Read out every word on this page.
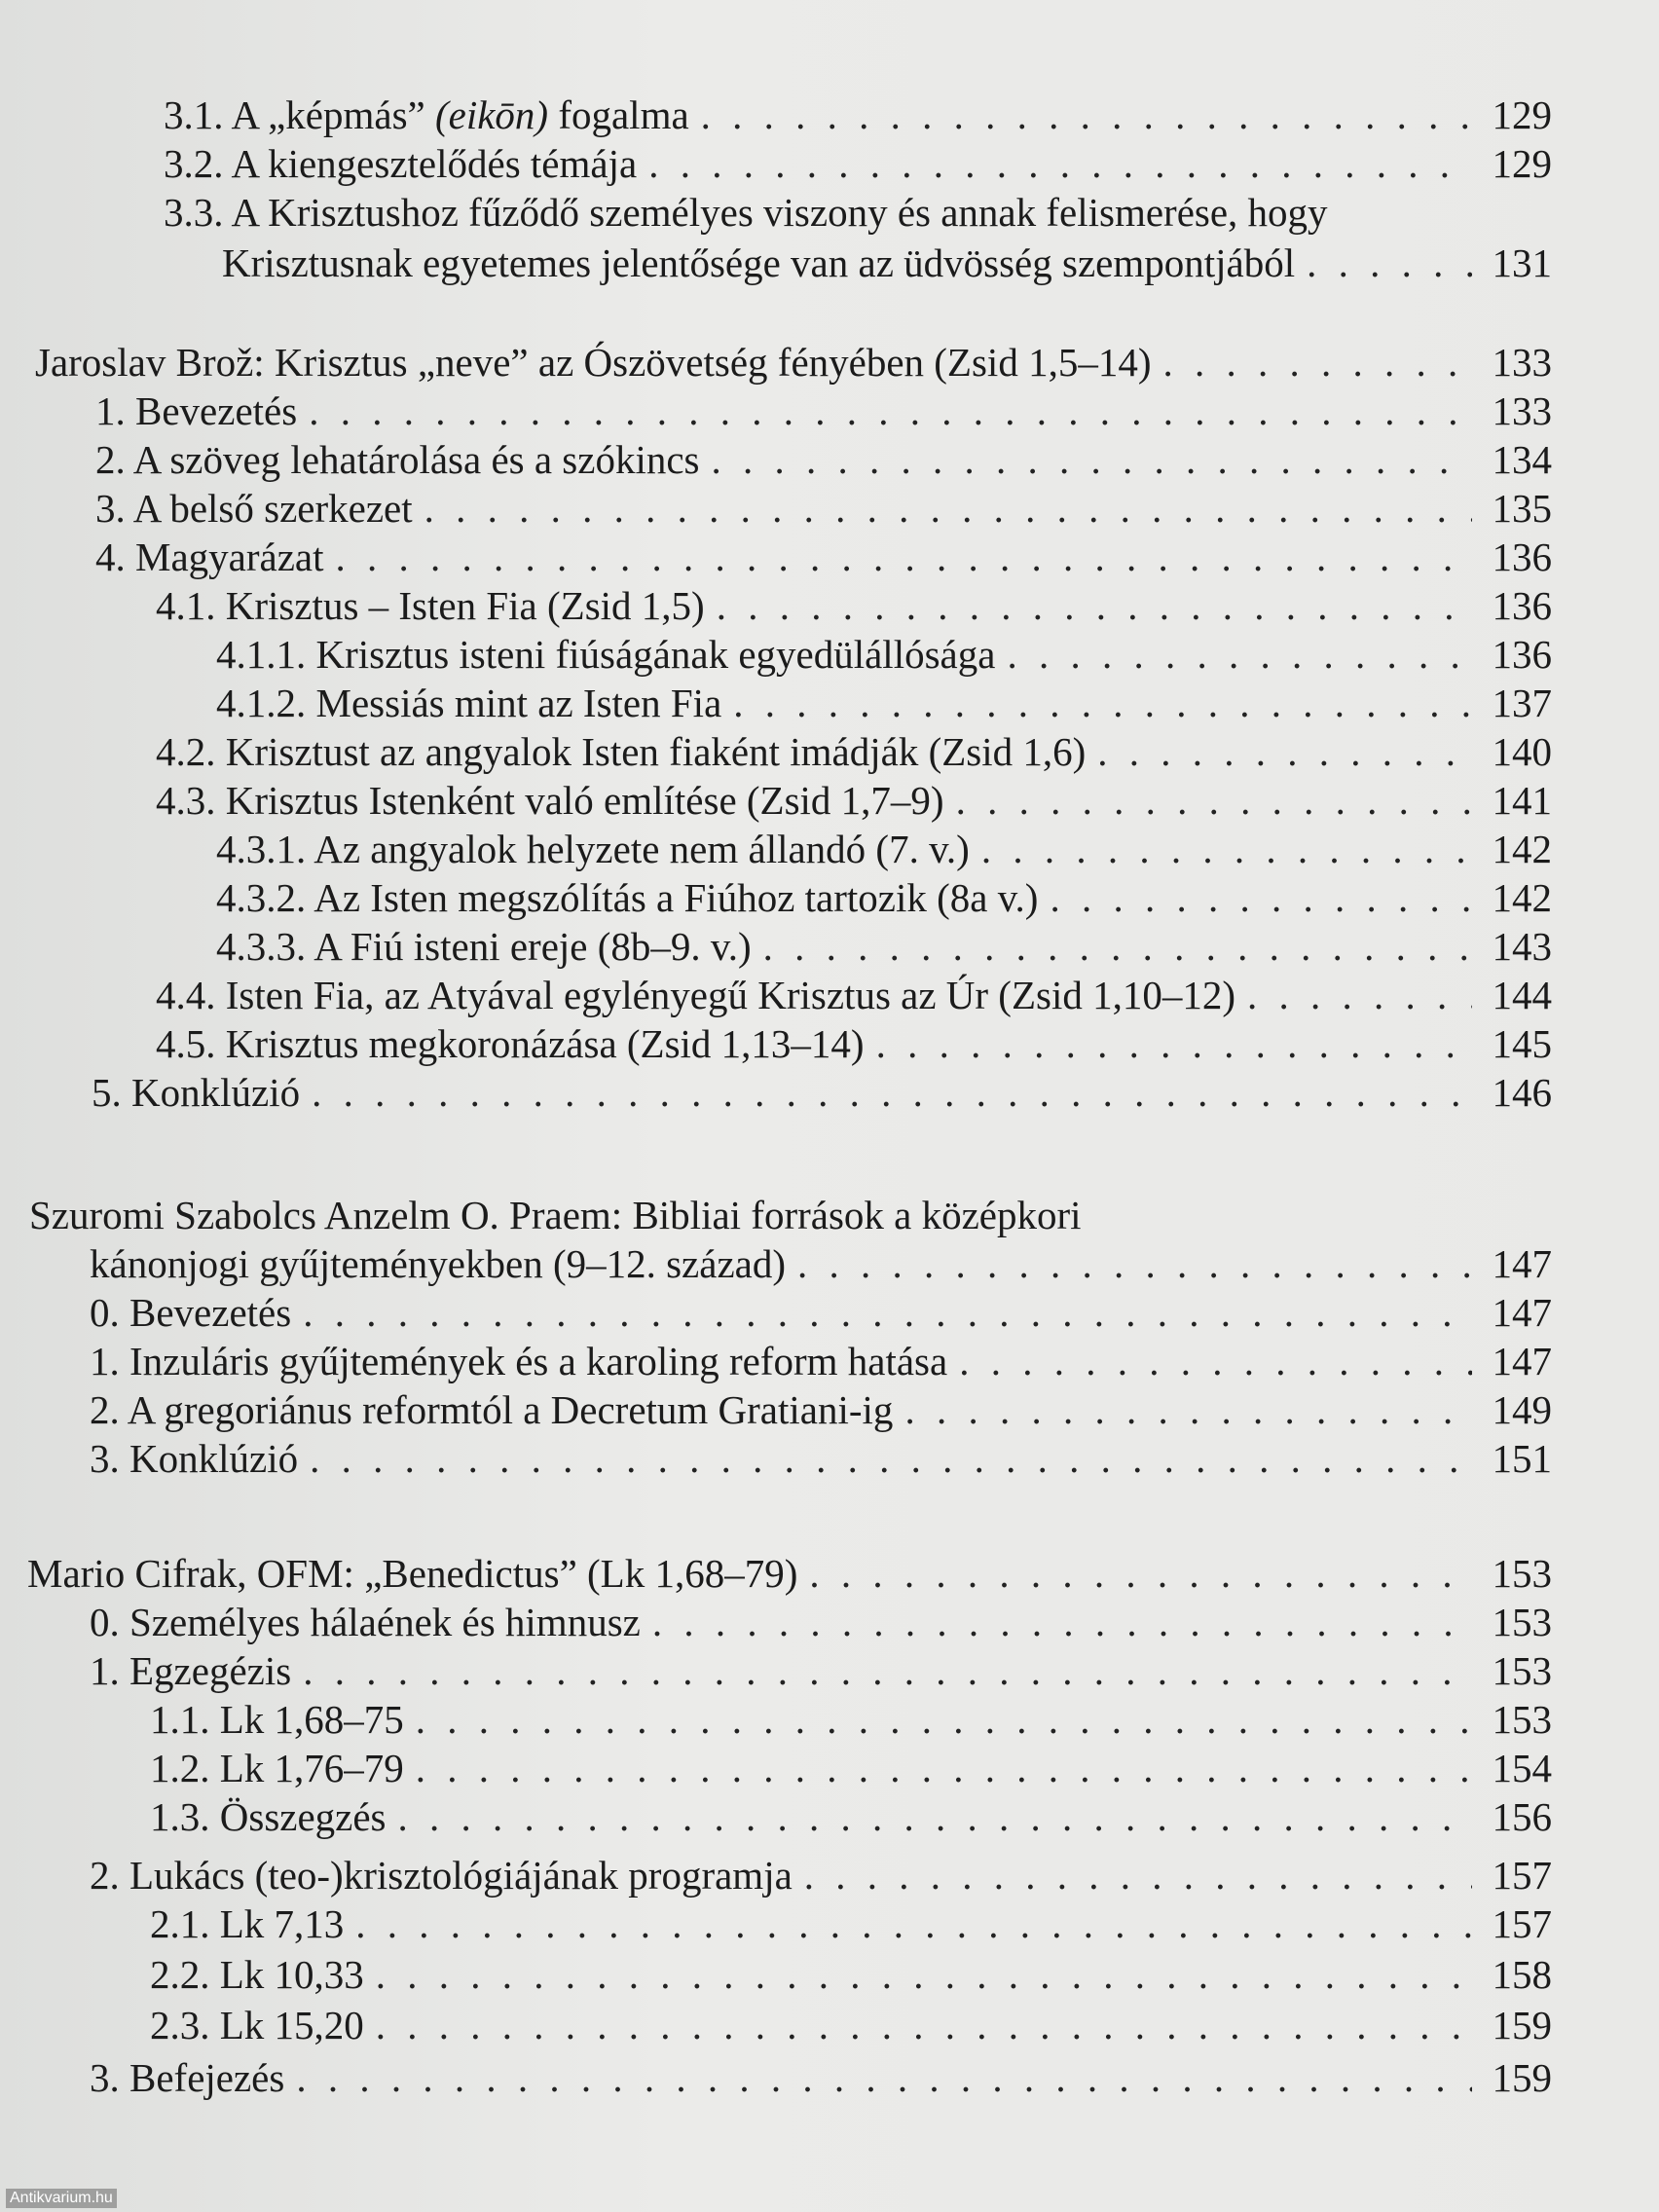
3.1. A „képmás” (eikōn) fogalma . . .	129
3.2. A kiengesztelődés témája . . .	129
3.3. A Krisztushoz fűződő személyes viszony és annak felismerése, hogy
Krisztusnak egyetemes jelentősége van az üdvösség szempontjából . . .	131
Jaroslav Brož: Krisztus „neve” az Ószövetség fényében (Zsid 1,5–14) . . .	133
1. Bevezetés . . .	133
2. A szöveg lehatárolása és a szókincs . . .	134
3. A belső szerkezet . . .	135
4. Magyarázat . . .	136
4.1. Krisztus – Isten Fia (Zsid 1,5) . . .	136
4.1.1. Krisztus isteni fiúságának egyedülállósága . . .	136
4.1.2. Messiás mint az Isten Fia . . .	137
4.2. Krisztust az angyalok Isten fiaként imádják (Zsid 1,6) . . .	140
4.3. Krisztus Istenként való említése (Zsid 1,7–9) . . .	141
4.3.1. Az angyalok helyzete nem állandó (7. v.) . . .	142
4.3.2. Az Isten megszólítás a Fiúhoz tartozik (8a v.) . . .	142
4.3.3. A Fiú isteni ereje (8b–9. v.) . . .	143
4.4. Isten Fia, az Atyával egylényegű Krisztus az Úr (Zsid 1,10–12) . . .	144
4.5. Krisztus megkoronázása (Zsid 1,13–14) . . .	145
5. Konklúzió . . .	146
Szuromi Szabolcs Anzelm O. Praem: Bibliai források a középkori
kánonjogi gyűjteményekben (9–12. század) . . .	147
0. Bevezetés . . .	147
1. Inzuláris gyűjtemények és a karoling reform hatása . . .	147
2. A gregoriánus reformtól a Decretum Gratiani-ig . . .	149
3. Konklúzió . . .	151
Mario Cifrak, OFM: „Benedictus” (Lk 1,68–79) . . .	153
0. Személyes hálaének és himnusz . . .	153
1. Egzegézis . . .	153
1.1. Lk 1,68–75 . . .	153
1.2. Lk 1,76–79 . . .	154
1.3. Összegzés . . .	156
2. Lukács (teo-)krisztológiájának programja . . .	157
2.1. Lk 7,13 . . .	157
2.2. Lk 10,33 . . .	158
2.3. Lk 15,20 . . .	159
3. Befejezés . . .	159
Antikvarium.hu
